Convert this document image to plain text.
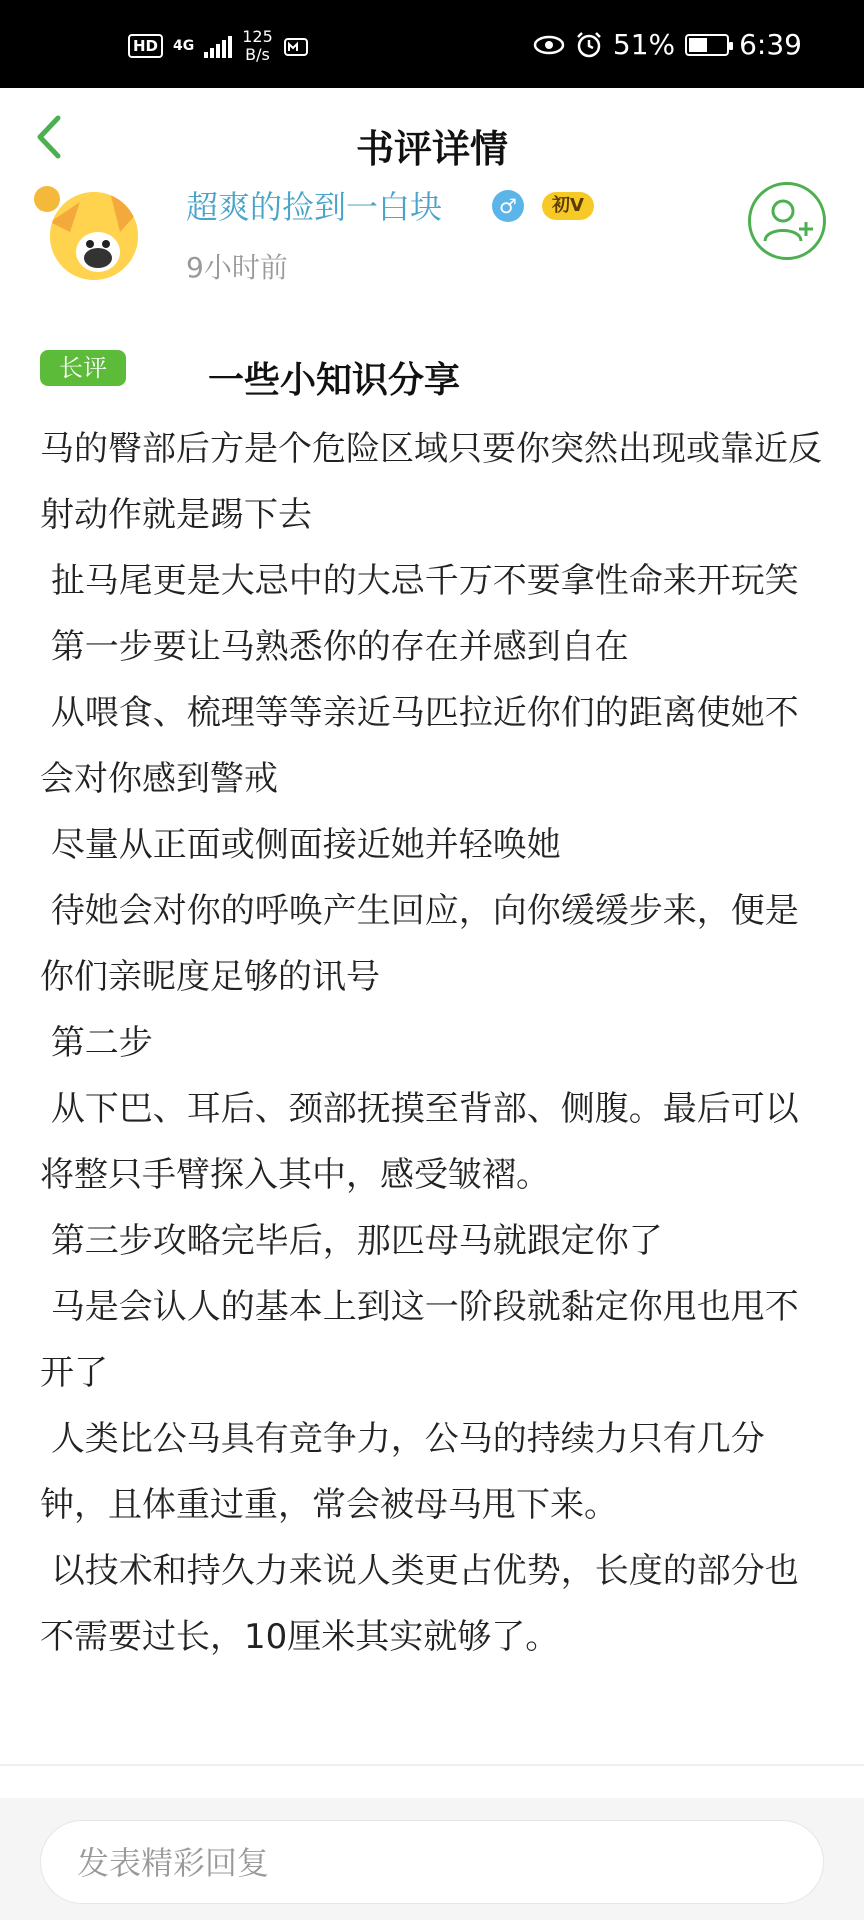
HD	4G	125
B/s	51% 6:39
书评详情
超爽的捡到一白块	♂	初V
9小时前
长评	一些小知识分享
马的臀部后方是个危险区域只要你突然出现或靠近反射动作就是踢下去
扯马尾更是大忌中的大忌千万不要拿性命来开玩笑
第一步要让马熟悉你的存在并感到自在
从喂食、梳理等等亲近马匹拉近你们的距离使她不会对你感到警戒
尽量从正面或侧面接近她并轻唤她
待她会对你的呼唤产生回应，向你缓缓步来，便是你们亲昵度足够的讯号
第二步
从下巴、耳后、颈部抚摸至背部、侧腹。最后可以将整只手臂探入其中，感受皱褶。
第三步攻略完毕后，那匹母马就跟定你了
马是会认人的基本上到这一阶段就黏定你甩也甩不开了
人类比公马具有竞争力，公马的持续力只有几分钟，且体重过重，常会被母马甩下来。
以技术和持久力来说人类更占优势，长度的部分也不需要过长，10厘米其实就够了。
发表精彩回复
